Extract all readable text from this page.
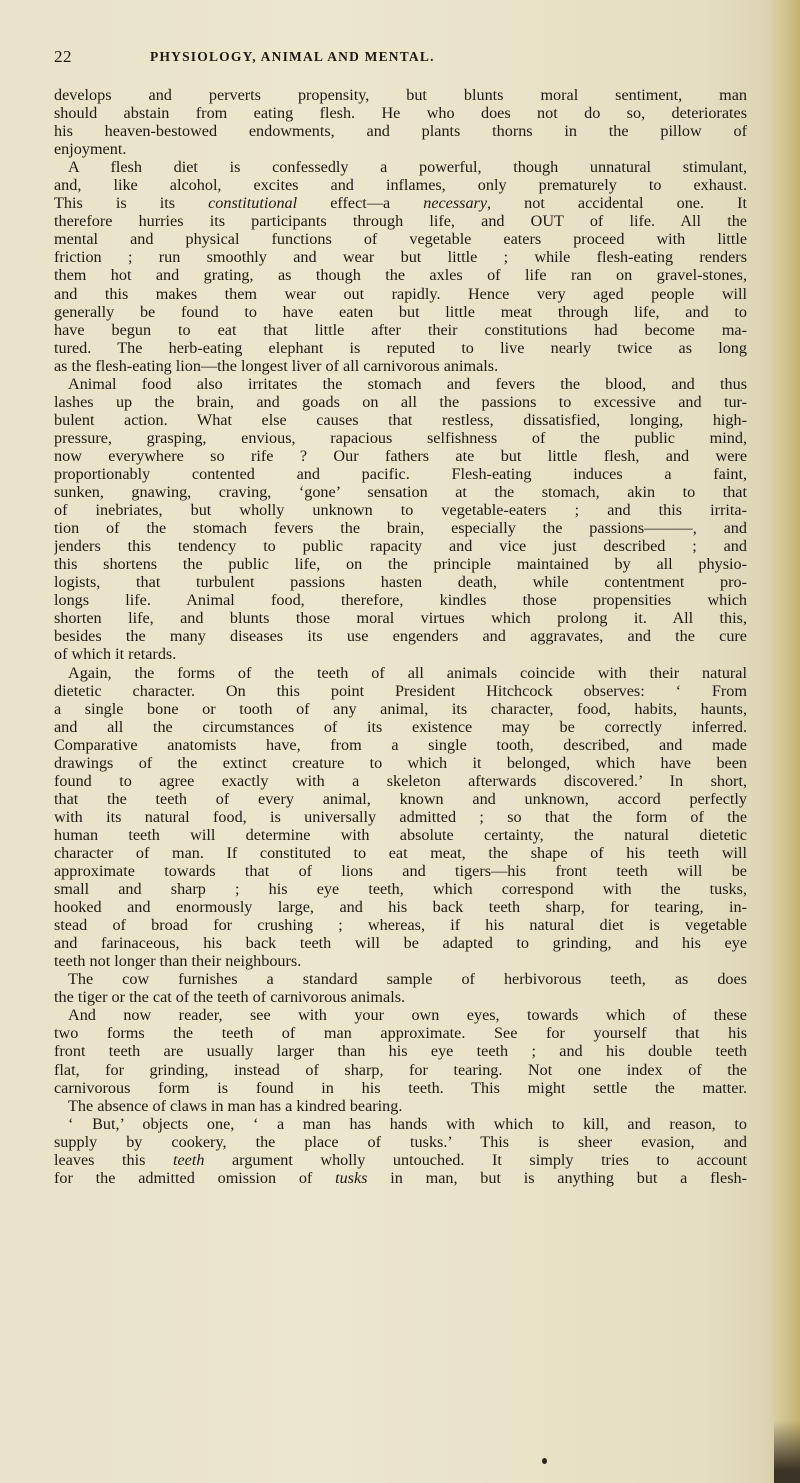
22	PHYSIOLOGY, ANIMAL AND MENTAL.
develops and perverts propensity, but blunts moral sentiment, man
should abstain from eating flesh. He who does not do so, deteriorates
his heaven-bestowed endowments, and plants thorns in the pillow of
enjoyment.
A flesh diet is confessedly a powerful, though unnatural stimulant,
and, like alcohol, excites and inflames, only prematurely to exhaust.
This is its constitutional effect—a necessary, not accidental one. It
therefore hurries its participants through life, and OUT of life. All the
mental and physical functions of vegetable eaters proceed with little
friction ; run smoothly and wear but little ; while flesh-eating renders
them hot and grating, as though the axles of life ran on gravel-stones,
and this makes them wear out rapidly. Hence very aged people will
generally be found to have eaten but little meat through life, and to
have begun to eat that little after their constitutions had become ma-
tured. The herb-eating elephant is reputed to live nearly twice as long
as the flesh-eating lion—the longest liver of all carnivorous animals.
Animal food also irritates the stomach and fevers the blood, and thus
lashes up the brain, and goads on all the passions to excessive and tur-
bulent action. What else causes that restless, dissatisfied, longing, high-
pressure, grasping, envious, rapacious selfishness of the public mind,
now everywhere so rife ? Our fathers ate but little flesh, and were
proportionably contented and pacific. Flesh-eating induces a faint,
sunken, gnawing, craving, ‘gone’ sensation at the stomach, akin to that
of inebriates, but wholly unknown to vegetable-eaters ; and this irrita-
tion of the stomach fevers the brain, especially the passions———, and
jenders this tendency to public rapacity and vice just described ; and
this shortens the public life, on the principle maintained by all physio-
logists, that turbulent passions hasten death, while contentment pro-
longs life. Animal food, therefore, kindles those propensities which
shorten life, and blunts those moral virtues which prolong it. All this,
besides the many diseases its use engenders and aggravates, and the cure
of which it retards.
Again, the forms of the teeth of all animals coincide with their natural
dietetic character. On this point President Hitchcock observes: ‘ From
a single bone or tooth of any animal, its character, food, habits, haunts,
and all the circumstances of its existence may be correctly inferred.
Comparative anatomists have, from a single tooth, described, and made
drawings of the extinct creature to which it belonged, which have been
found to agree exactly with a skeleton afterwards discovered.’ In short,
that the teeth of every animal, known and unknown, accord perfectly
with its natural food, is universally admitted ; so that the form of the
human teeth will determine with absolute certainty, the natural dietetic
character of man. If constituted to eat meat, the shape of his teeth will
approximate towards that of lions and tigers—his front teeth will be
small and sharp ; his eye teeth, which correspond with the tusks,
hooked and enormously large, and his back teeth sharp, for tearing, in-
stead of broad for crushing ; whereas, if his natural diet is vegetable
and farinaceous, his back teeth will be adapted to grinding, and his eye
teeth not longer than their neighbours.
The cow furnishes a standard sample of herbivorous teeth, as does
the tiger or the cat of the teeth of carnivorous animals.
And now reader, see with your own eyes, towards which of these
two forms the teeth of man approximate. See for yourself that his
front teeth are usually larger than his eye teeth ; and his double teeth
flat, for grinding, instead of sharp, for tearing. Not one index of the
carnivorous form is found in his teeth. This might settle the matter.
The absence of claws in man has a kindred bearing.
‘ But,’ objects one, ‘ a man has hands with which to kill, and reason, to
supply by cookery, the place of tusks.’ This is sheer evasion, and
leaves this teeth argument wholly untouched. It simply tries to account
for the admitted omission of tusks in man, but is anything but a flesh-
